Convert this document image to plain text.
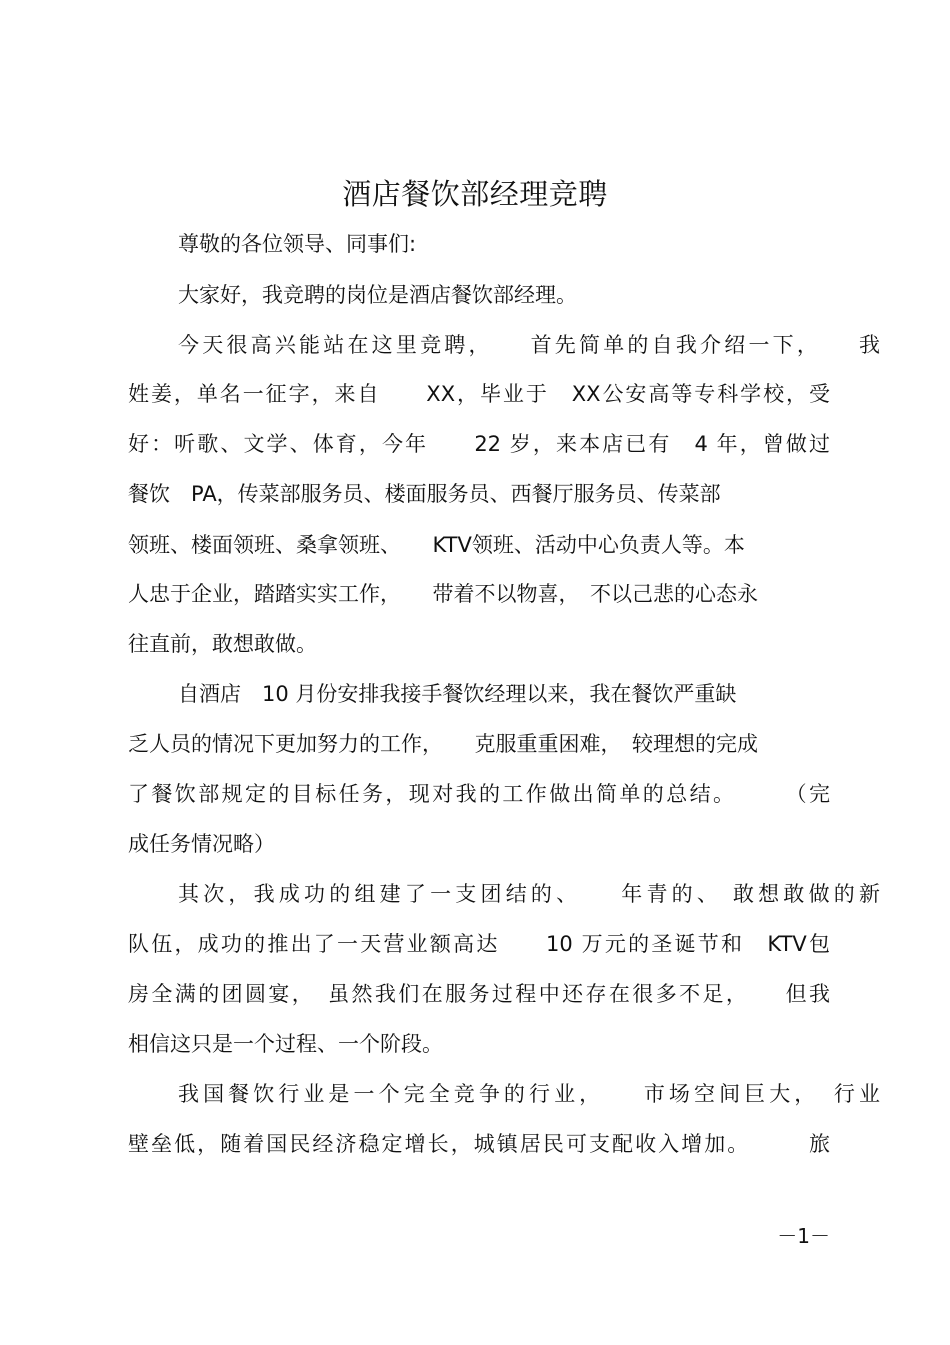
酒店餐饮部经理竞聘
尊敬的各位领导、同事们:
大家好，我竞聘的岗位是酒店餐饮部经理。
今天很高兴能站在这里竞聘，　　首先简单的自我介绍一下，　　我
姓姜，单名一征字，来自　　XX，毕业于　XX公安高等专科学校，受
好：听歌、文学、体育，今年　　22 岁，来本店已有　4 年，曾做过
餐饮　PA，传菜部服务员、楼面服务员、西餐厅服务员、传菜部
领班、楼面领班、桑拿领班、　　KTV领班、活动中心负责人等。本
人忠于企业，踏踏实实工作，　　带着不以物喜，　不以己悲的心态永
往直前，敢想敢做。
自酒店　10 月份安排我接手餐饮经理以来，我在餐饮严重缺
乏人员的情况下更加努力的工作，　　克服重重困难，　较理想的完成
了餐饮部规定的目标任务，现对我的工作做出简单的总结。　　　（完
成任务情况略）
其次，我成功的组建了一支团结的、　　年青的、 敢想敢做的新
队伍，成功的推出了一天营业额高达　　10 万元的圣诞节和　KTV包
房全满的团圆宴，　虽然我们在服务过程中还存在很多不足，　　但我
相信这只是一个过程、一个阶段。
我国餐饮行业是一个完全竞争的行业，　　市场空间巨大，　行业
壁垒低，随着国民经济稳定增长，城镇居民可支配收入增加。　　　旅
－1－
